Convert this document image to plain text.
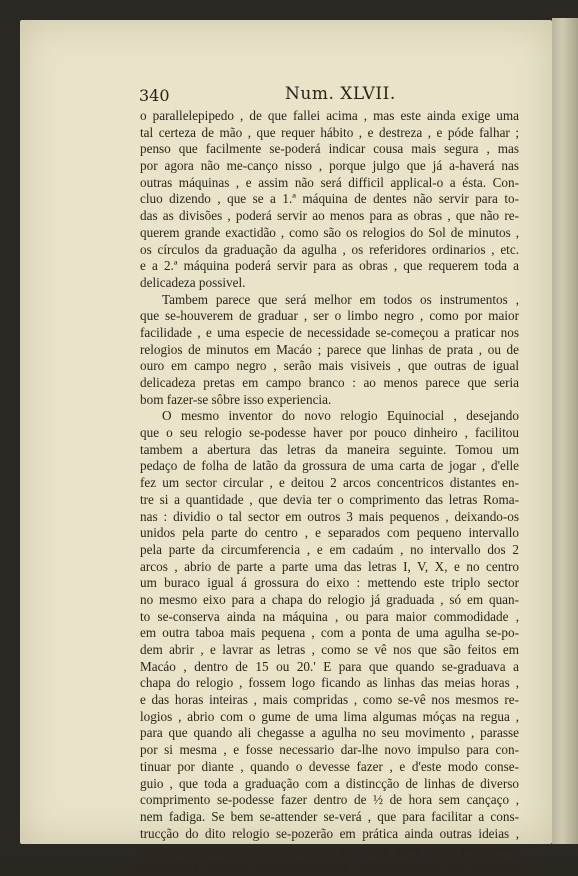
340	Num. XLVII.
o parallelepipedo , de que fallei acima , mas este ainda exige uma
tal certeza de mão , que requer hábito , e destreza , e póde falhar ;
penso que facilmente se-poderá indicar cousa mais segura , mas
por agora não me-canço nisso , porque julgo que já a-haverá nas
outras máquinas , e assim não será difficil applical-o a ésta. Con-
cluo dizendo , que se a 1.ª máquina de dentes não servir para to-
das as divisões , poderá servir ao menos para as obras , que não re-
querem grande exactidão , como são os relogios do Sol de minutos ,
os círculos da graduação da agulha , os referidores ordinarios , etc.
e a 2.ª máquina poderá servir para as obras , que requerem toda a
delicadeza possivel.
Tambem parece que será melhor em todos os instrumentos ,
que se-houverem de graduar , ser o limbo negro , como por maior
facilidade , e uma especie de necessidade se-começou a praticar nos
relogios de minutos em Macáo ; parece que linhas de prata , ou de
ouro em campo negro , serão mais visiveis , que outras de igual
delicadeza pretas em campo branco : ao menos parece que seria
bom fazer-se sôbre isso experiencia.
O mesmo inventor do novo relogio Equinocial , desejando
que o seu relogio se-podesse haver por pouco dinheiro , facilitou
tambem a abertura das letras da maneira seguinte. Tomou um
pedaço de folha de latão da grossura de uma carta de jogar , d'elle
fez um sector circular , e deitou 2 arcos concentricos distantes en-
tre si a quantidade , que devia ter o comprimento das letras Roma-
nas : dividio o tal sector em outros 3 mais pequenos , deixando-os
unidos pela parte do centro , e separados com pequeno intervallo
pela parte da circumferencia , e em cadaúm , no intervallo dos 2
arcos , abrio de parte a parte uma das letras I, V, X, e no centro
um buraco igual á grossura do eixo : mettendo este triplo sector
no mesmo eixo para a chapa do relogio já graduada , só em quan-
to se-conserva ainda na máquina , ou para maior commodidade ,
em outra taboa mais pequena , com a ponta de uma agulha se-po-
dem abrir , e lavrar as letras , como se vê nos que são feitos em
Macáo , dentro de 15 ou 20.' E para que quando se-graduava a
chapa do relogio , fossem logo ficando as linhas das meias horas ,
e das horas inteiras , mais compridas , como se-vê nos mesmos re-
logios , abrio com o gume de uma lima algumas móças na regua ,
para que quando ali chegasse a agulha no seu movimento , parasse
por si mesma , e fosse necessario dar-lhe novo impulso para con-
tinuar por diante , quando o devesse fazer , e d'este modo conse-
guio , que toda a graduação com a distincção de linhas de diverso
comprimento se-podesse fazer dentro de ½ de hora sem cançaço ,
nem fadiga. Se bem se-attender se-verá , que para facilitar a cons-
trucção do dito relogio se-pozerão em prática ainda outras ideias ,
que sabendo que não forão tiradas de outra parte , não me-attrevo
comtudo a affirmar que sejão novas , deixando isso aos versados
